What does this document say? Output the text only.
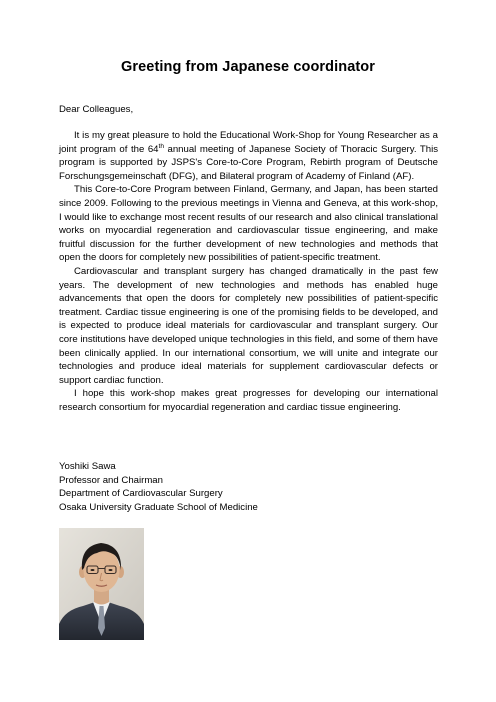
Greeting from Japanese coordinator
Dear Colleagues,

It is my great pleasure to hold the Educational Work-Shop for Young Researcher as a joint program of the 64th annual meeting of Japanese Society of Thoracic Surgery. This program is supported by JSPS's Core-to-Core Program, Rebirth program of Deutsche Forschungsgemeinschaft (DFG), and Bilateral program of Academy of Finland (AF).

This Core-to-Core Program between Finland, Germany, and Japan, has been started since 2009. Following to the previous meetings in Vienna and Geneva, at this work-shop, I would like to exchange most recent results of our research and also clinical translational works on myocardial regeneration and cardiovascular tissue engineering, and make fruitful discussion for the further development of new technologies and methods that open the doors for completely new possibilities of patient-specific treatment.

Cardiovascular and transplant surgery has changed dramatically in the past few years. The development of new technologies and methods has enabled huge advancements that open the doors for completely new possibilities of patient-specific treatment. Cardiac tissue engineering is one of the promising fields to be developed, and is expected to produce ideal materials for cardiovascular and transplant surgery. Our core institutions have developed unique technologies in this field, and some of them have been clinically applied. In our international consortium, we will unite and integrate our technologies and produce ideal materials for supplement cardiovascular defects or support cardiac function.

I hope this work-shop makes great progresses for developing our international research consortium for myocardial regeneration and cardiac tissue engineering.

Yoshiki Sawa
Professor and Chairman
Department of Cardiovascular Surgery
Osaka University Graduate School of Medicine
